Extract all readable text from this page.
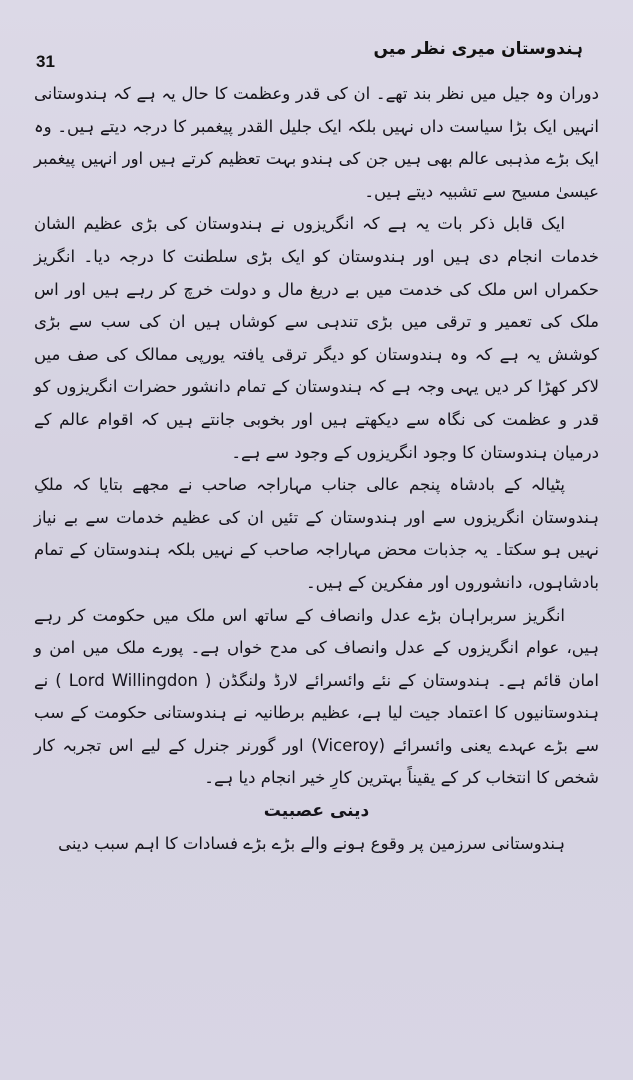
31
ہندوستان میری نظر میں

دوران وہ جیل میں نظر بند تھے۔ ان کی قدر وعظمت کا حال یہ ہے کہ ہندوستانی انہیں ایک بڑا سیاست داں نہیں بلکہ ایک جلیل القدر پیغمبر کا درجہ دیتے ہیں۔ وہ ایک بڑے مذہبی عالم بھی ہیں جن کی ہندو بہت تعظیم کرتے ہیں اور انہیں پیغمبر عیسیٰ مسیح سے تشبیہ دیتے ہیں۔

ایک قابل ذکر بات یہ ہے کہ انگریزوں نے ہندوستان کی بڑی عظیم الشان خدمات انجام دی ہیں اور ہندوستان کو ایک بڑی سلطنت کا درجہ دیا۔ انگریز حکمراں اس ملک کی خدمت میں بے دریغ مال و دولت خرچ کر رہے ہیں اور اس ملک کی تعمیر و ترقی میں بڑی تندہی سے کوشاں ہیں ان کی سب سے بڑی کوشش یہ ہے کہ وہ ہندوستان کو دیگر ترقی یافتہ یورپی ممالک کی صف میں لاکر کھڑا کر دیں یہی وجہ ہے کہ ہندوستان کے تمام دانشور حضرات انگریزوں کو قدر و عظمت کی نگاہ سے دیکھتے ہیں اور بخوبی جانتے ہیں کہ اقوام عالم کے درمیان ہندوستان کا وجود انگریزوں کے وجود سے ہے۔

پٹیالہ کے بادشاہ پنجم عالی جناب مہاراجہ صاحب نے مجھے بتایا کہ ملکِ ہندوستان انگریزوں سے اور ہندوستان کے تئیں ان کی عظیم خدمات سے بے نیاز نہیں ہو سکتا۔ یہ جذبات محض مہاراجہ صاحب کے نہیں بلکہ ہندوستان کے تمام بادشاہوں، دانشوروں اور مفکرین کے ہیں۔

انگریز سربراہان بڑے عدل وانصاف کے ساتھ اس ملک میں حکومت کر رہے ہیں، عوام انگریزوں کے عدل وانصاف کی مدح خواں ہے۔ پورے ملک میں امن و امان قائم ہے۔ ہندوستان کے نئے وائسرائے لارڈ ولنگڈن ( Lord Willingdon ) نے ہندوستانیوں کا اعتماد جیت لیا ہے، عظیم برطانیہ نے ہندوستانی حکومت کے سب سے بڑے عہدے یعنی وائسرائے (Viceroy) اور گورنر جنرل کے لیے اس تجربہ کار شخص کا انتخاب کر کے یقیناً بہترین کارِ خیر انجام دیا ہے۔

دینی عصبیت

ہندوستانی سرزمین پر وقوع ہونے والے بڑے بڑے فسادات کا اہم سبب دینی
